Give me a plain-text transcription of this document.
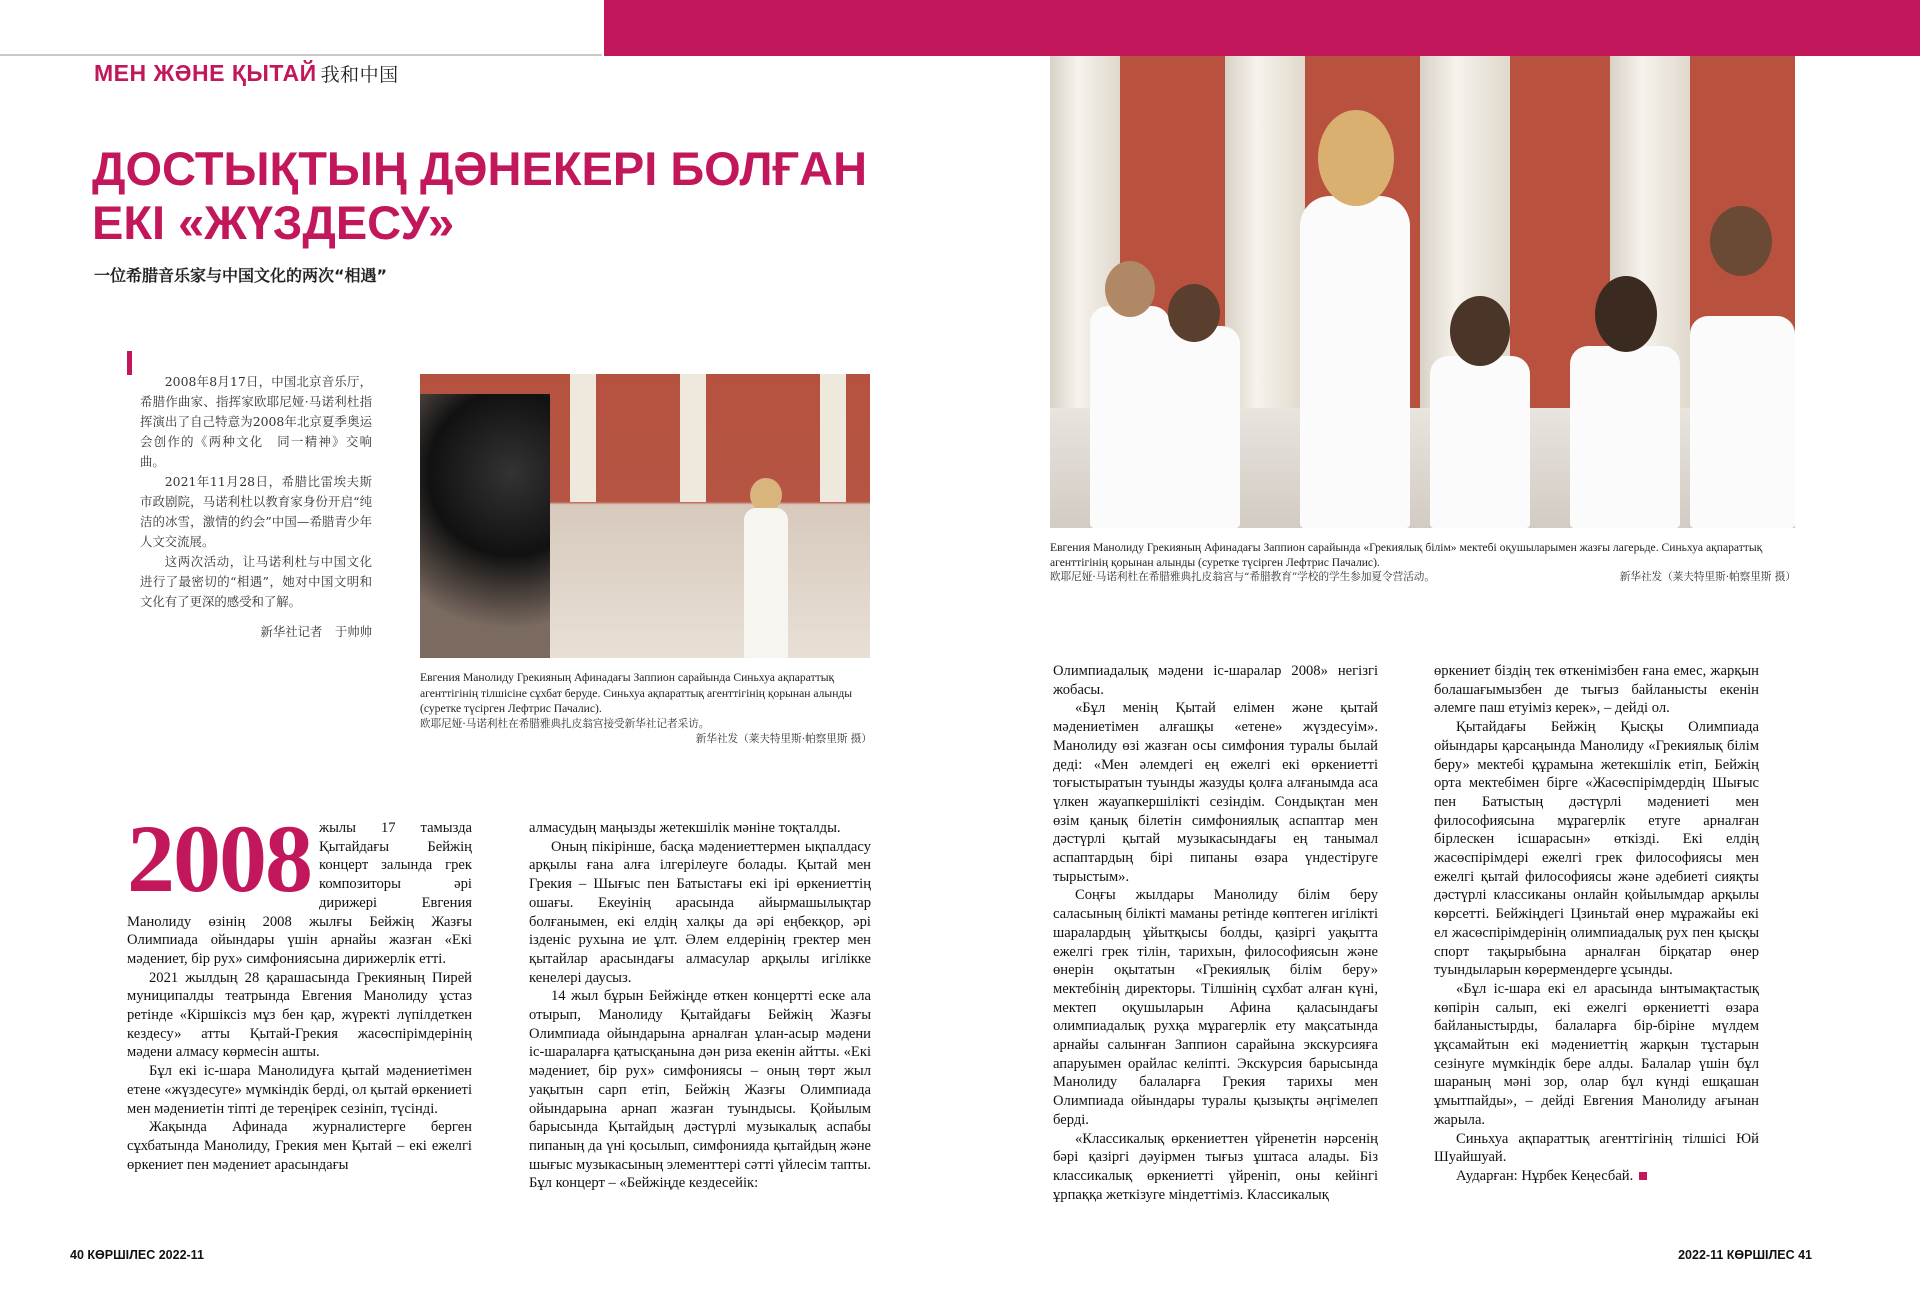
МЕН ЖӘНЕ ҚЫТАЙ 我和中国
ДОСТЫҚТЫҢ ДӘНЕКЕРІ БОЛҒАН ЕКІ «ЖҮЗДЕСУ»
一位希腊音乐家与中国文化的两次“相遇”

2008年8月17日，中国北京音乐厅，希腊作曲家、指挥家欧耶尼娅·马诺利杜指挥演出了自己特意为2008年北京夏季奥运会创作的《两种文化　同一精神》交响曲。

2021年11月28日，希腊比雷埃夫斯市政剧院，马诺利杜以教育家身份开启“纯洁的冰雪，激情的约会”中国—希腊青少年人文交流展。

这两次活动，让马诺利杜与中国文化进行了最密切的“相遇”，她对中国文明和文化有了更深的感受和了解。

新华社记者　于帅帅

Евгения Манолиду Грекияның Афинадағы Заппион сарайында Синьхуа ақпараттық агенттігінің тілшісіне сұхбат беруде. Синьхуа ақпараттық агенттігінің қорынан алынды (суретке түсірген Лефтрис Пачалис).
欧耶尼娅·马诺利杜在希腊雅典扎皮翁宫接受新华社记者采访。
新华社发（莱夫特里斯·帕察里斯 摄）
Евгения Манолиду Грекияның Афинадағы Заппион сарайында «Грекиялық білім» мектебі оқушыларымен жазғы лагерьде. Синьхуа ақпараттық агенттігінің қорынан алынды (суретке түсірген Лефтрис Пачалис).
欧耶尼娅·马诺利杜在希腊雅典扎皮翁宫与“希腊教育”学校的学生参加夏令营活动。	新华社发（莱夫特里斯·帕察里斯 摄）
2008 жылы 17 тамызда Қытайдағы Бейжің концерт залында грек композиторы әрі дирижері Евгения Манолиду өзінің 2008 жылғы Бейжің Жазғы Олимпиада ойындары үшін арнайы жазған «Екі мәдениет, бір рух» симфониясына дирижерлік етті.

2021 жылдың 28 қарашасында Грекияның Пирей муниципалды театрында Евгения Манолиду ұстаз ретінде «Кіршіксіз мұз бен қар, жүректі лүпілдеткен кездесу» атты Қытай-Грекия жасөспірімдерінің мәдени алмасу көрмесін ашты.

Бұл екі іс-шара Манолидуға қытай мәдениетімен етене «жүздесуге» мүмкіндік берді, ол қытай өркениеті мен мәдениетін тіпті де тереңірек сезініп, түсінді.

Жақында Афинада журналистерге берген сұхбатында Манолиду, Грекия мен Қытай – екі ежелгі өркениет пен мәдениет арасындағы

алмасудың маңызды жетекшілік мәніне тоқталды.

Оның пікірінше, басқа мәдениеттермен ықпалдасу арқылы ғана алға ілгерілеуге болады. Қытай мен Грекия – Шығыс пен Батыстағы екі ірі өркениеттің ошағы. Екеуінің арасында айырмашылықтар болғанымен, екі елдің халқы да әрі еңбекқор, әрі ізденіс рухына ие ұлт. Әлем елдерінің гректер мен қытайлар арасындағы алмасулар арқылы игілікке кенелері даусыз.

14 жыл бұрын Бейжіңде өткен концертті еске ала отырып, Манолиду Қытайдағы Бейжің Жазғы Олимпиада ойындарына арналған ұлан-асыр мәдени іс-шараларға қатысқанына дән риза екенін айтты. «Екі мәдениет, бір рух» симфониясы – оның төрт жыл уақытын сарп етіп, Бейжің Жазғы Олимпиада ойындарына арнап жазған туындысы. Қойылым барысында Қытайдың дәстүрлі музыкалық аспабы пипаның да үні қосылып, симфонияда қытайдың және шығыс музыкасының элементтері сәтті үйлесім тапты. Бұл концерт – «Бейжіңде кездесейік:

Олимпиадалық мәдени іс-шаралар 2008» негізгі жобасы.

«Бұл менің Қытай елімен және қытай мәдениетімен алғашқы «етене» жүздесуім». Манолиду өзі жазған осы симфония туралы былай деді: «Мен әлемдегі ең ежелгі екі өркениетті тоғыстыратын туынды жазуды қолға алғанымда аса үлкен жауапкершілікті сезіндім. Сондықтан мен өзім қанық білетін симфониялық аспаптар мен дәстүрлі қытай музыкасындағы ең танымал аспаптардың бірі пипаны өзара үндестіруге тырыстым».

Соңғы жылдары Манолиду білім беру саласының білікті маманы ретінде көптеген игілікті шаралардың ұйытқысы болды, қазіргі уақытта ежелгі грек тілін, тарихын, философиясын және өнерін оқытатын «Грекиялық білім беру» мектебінің директоры. Тілшінің сұхбат алған күні, мектеп оқушыларын Афина қаласындағы олимпиадалық рухқа мұрагерлік ету мақсатында арнайы салынған Заппион сарайына экскурсияға апаруымен орайлас келіпті. Экскурсия барысында Манолиду балаларға Грекия тарихы мен Олимпиада ойындары туралы қызықты әңгімелеп берді.

«Классикалық өркениеттен үйренетін нәрсенің бәрі қазіргі дәуірмен тығыз ұштаса алады. Біз классикалық өркениетті үйреніп, оны кейінгі ұрпаққа жеткізуге міндеттіміз. Классикалық

өркениет біздің тек өткенімізбен ғана емес, жарқын болашағымызбен де тығыз байланысты екенін әлемге паш етуіміз керек», – дейді ол.

Қытайдағы Бейжің Қысқы Олимпиада ойындары қарсаңында Манолиду «Грекиялық білім беру» мектебі құрамына жетекшілік етіп, Бейжің орта мектебімен бірге «Жасөспірімдердің Шығыс пен Батыстың дәстүрлі мәдениеті мен философиясына мұрагерлік етуге арналған бірлескен ісшарасын» өткізді. Екі елдің жасөспірімдері ежелгі грек философиясы мен ежелгі қытай философиясы және әдебиеті сияқты дәстүрлі классиканы онлайн қойылымдар арқылы көрсетті. Бейжіңдегі Цзиньтай өнер мұражайы екі ел жасөспірімдерінің олимпиадалық рух пен қысқы спорт тақырыбына арналған бірқатар өнер туындыларын көрермендерге ұсынды.

«Бұл іс-шара екі ел арасында ынтымақтастық көпірін салып, екі ежелгі өркениетті өзара байланыстырды, балаларға бір-біріне мүлдем ұқсамайтын екі мәдениеттің жарқын тұстарын сезінуге мүмкіндік бере алды. Балалар үшін бұл шараның мәні зор, олар бұл күнді ешқашан ұмытпайды», – дейді Евгения Манолиду ағынан жарыла.

Синьхуа ақпараттық агенттігінің тілшісі Юй Шуайшуай.

Аударған: Нұрбек Кеңесбай.

40 КӨРШІЛЕС 2022-11	2022-11 КӨРШІЛЕС 41
